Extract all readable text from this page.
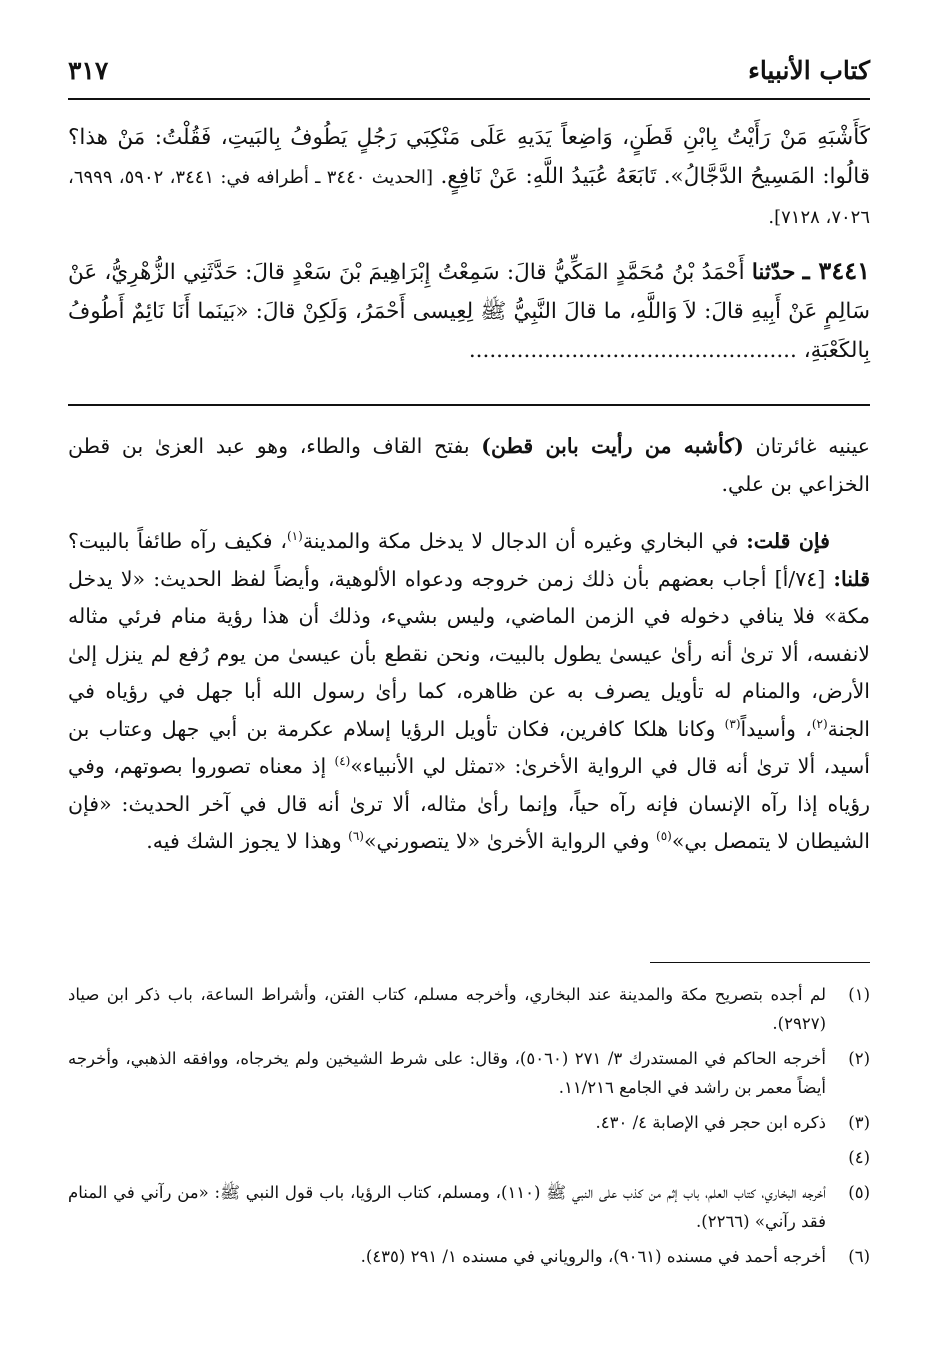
كتاب الأنبياء
٣١٧

كَأَشْبَهِ مَنْ رَأَيْتُ بِابْنِ قَطَنٍ، وَاضِعاً يَدَيهِ عَلَى مَنْكِبَي رَجُلٍ يَطُوفُ بِالبَيتِ، فَقُلْتُ: مَنْ هذا؟ قالُوا: المَسِيحُ الدَّجَّالُ». تَابَعَهُ عُبَيدُ اللَّهِ: عَنْ نَافِعٍ. [الحديث ٣٤٤٠ ـ أطرافه في: ٣٤٤١، ٥٩٠٢، ٦٩٩٩، ٧٠٢٦، ٧١٢٨].

٣٤٤١ ـ حدّثنا أَحْمَدُ بْنُ مُحَمَّدٍ المَكِّيُّ قالَ: سَمِعْتُ إِبْرَاهِيمَ بْنَ سَعْدٍ قالَ: حَدَّثَنِي الزُّهْرِيُّ، عَنْ سَالِمٍ عَنْ أَبِيهِ قالَ: لاَ وَاللَّهِ، ما قالَ النَّبِيُّ ﷺ لِعِيسى أَحْمَرُ، وَلَكِنْ قالَ: «بَينَما أَنَا نَائِمٌ أَطُوفُ بِالكَعْبَةِ، ................................................

عينيه غائرتان (كأشبه من رأيت بابن قطن) بفتح القاف والطاء، وهو عبد العزىٰ بن قطن الخزاعي بن علي.

فإن قلت: في البخاري وغيره أن الدجال لا يدخل مكة والمدينة$^{(١)}$، فكيف رآه طائفاً بالبيت؟ قلنا: [٧٤/أ] أجاب بعضهم بأن ذلك زمن خروجه ودعواه الألوهية، وأيضاً لفظ الحديث: «لا يدخل مكة» فلا ينافي دخوله في الزمن الماضي، وليس بشيء، وذلك أن هذا رؤية منام فرئي مثاله لانفسه، ألا ترىٰ أنه رأىٰ عيسىٰ يطول بالبيت، ونحن نقطع بأن عيسىٰ من يوم رُفع لم ينزل إلىٰ الأرض، والمنام له تأويل يصرف به عن ظاهره، كما رأىٰ رسول الله أبا جهل في رؤياه في الجنة$^{(٢)}$، وأسيداً$^{(٣)}$ وكانا هلكا كافرين، فكان تأويل الرؤيا إسلام عكرمة بن أبي جهل وعتاب بن أسيد، ألا ترىٰ أنه قال في الرواية الأخرىٰ: «تمثل لي الأنبياء»$^{(٤)}$ إذ معناه تصوروا بصوتهم، وفي رؤياه إذا رآه الإنسان فإنه رآه حياً، وإنما رأىٰ مثاله، ألا ترىٰ أنه قال في آخر الحديث: «فإن الشيطان لا يتمصل بي»$^{(٥)}$ وفي الرواية الأخرىٰ «لا يتصورني»$^{(٦)}$ وهذا لا يجوز الشك فيه.

(١)
لم أجده بتصريح مكة والمدينة عند البخاري، وأخرجه مسلم، كتاب الفتن، وأشراط الساعة، باب ذكر ابن صياد (٢٩٢٧).
(٢)
أخرجه الحاكم في المستدرك ٣/ ٢٧١ (٥٠٦٠)، وقال: على شرط الشيخين ولم يخرجاه، ووافقه الذهبي، وأخرجه أيضاً معمر بن راشد في الجامع ١١/٢١٦.
(٣)
ذكره ابن حجر في الإصابة ٤/ ٤٣٠.
(٤)

(٥)
أخرجه البخاري، كتاب العلم، باب إثم من كذب على النبي ﷺ (١١٠)، ومسلم، كتاب الرؤيا، باب قول النبي ﷺ: «من رآني في المنام فقد رآني» (٢٢٦٦).
(٦)
أخرجه أحمد في مسنده (٩٠٦١)، والروياني في مسنده ١/ ٢٩١ (٤٣٥).
